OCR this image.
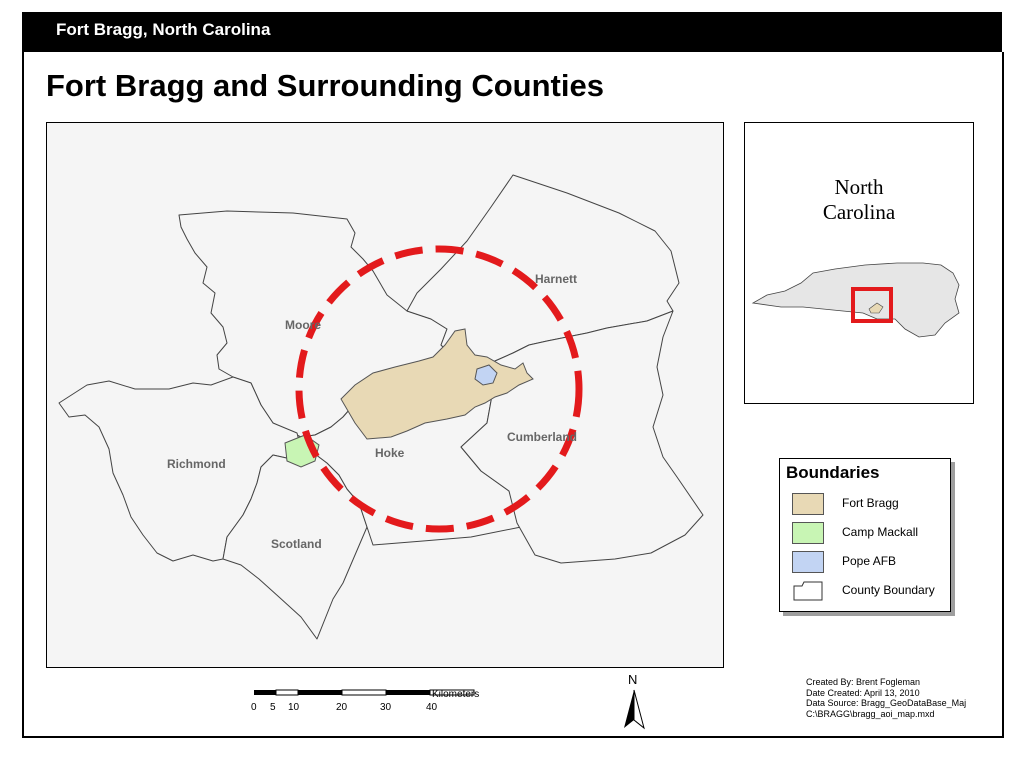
Fort Bragg, North Carolina
Fort Bragg and Surrounding Counties
Moore
Harnett
Richmond
Hoke
Cumberland
Scotland
North
Carolina
Boundaries
Fort Bragg
Camp Mackall
Pope AFB
County Boundary
0 5 10	20	30	40
Kilometers
N	Created By: Brent Fogleman
Date Created: April 13, 2010
Data Source: Bragg_GeoDataBase_Maj
C:\BRAGG\bragg_aoi_map.mxd
